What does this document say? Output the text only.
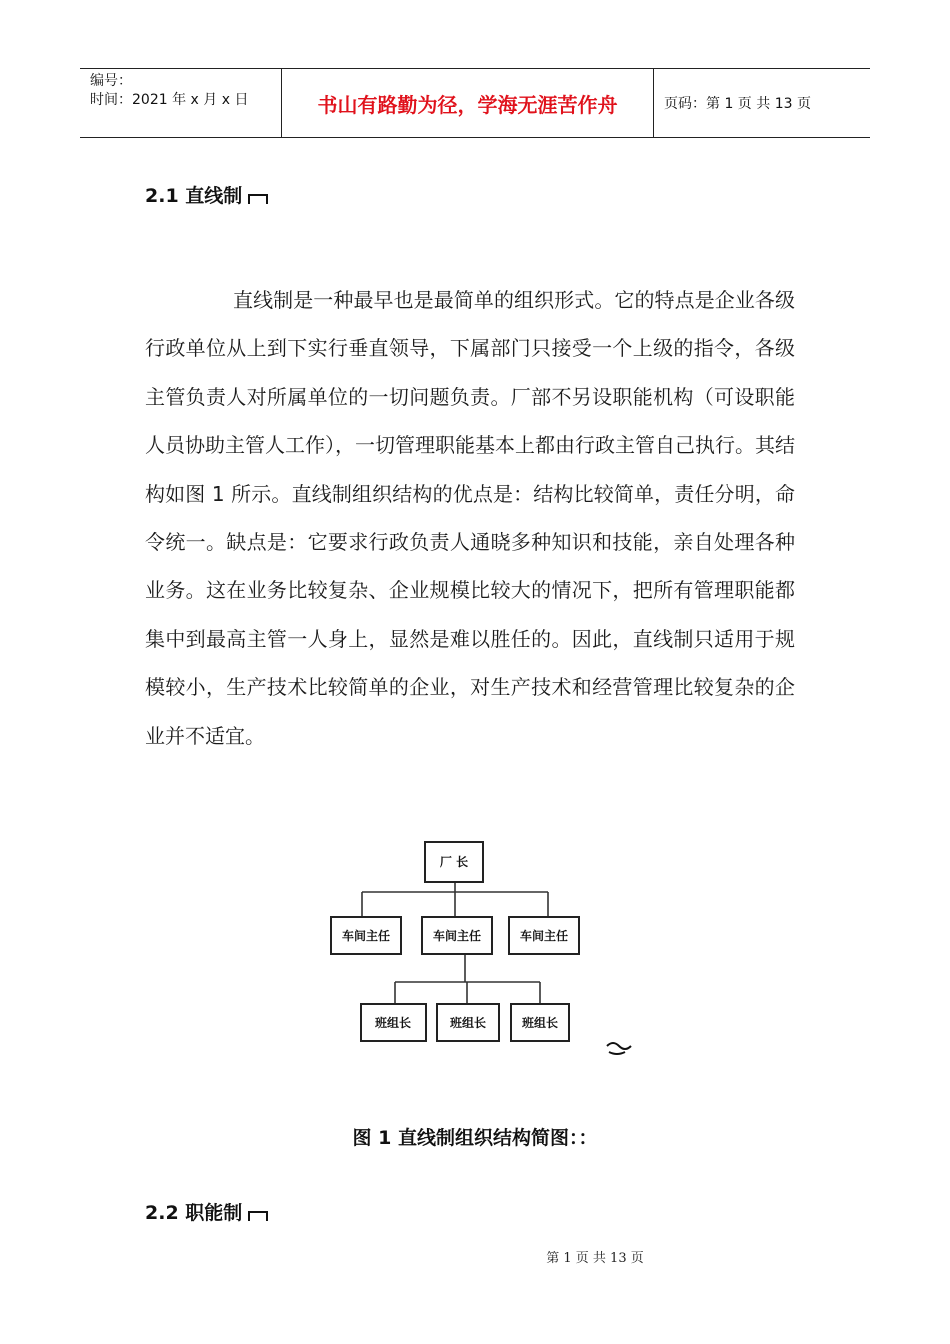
编号：
时间：2021 年 x 月 x 日	书山有路勤为径，学海无涯苦作舟	页码：第 1 页 共 13 页
2.1 直线制
直线制是一种最早也是最简单的组织形式。它的特点是企业各级行政单位从上到下实行垂直领导，下属部门只接受一个上级的指令，各级主管负责人对所属单位的一切问题负责。厂部不另设职能机构（可设职能人员协助主管人工作），一切管理职能基本上都由行政主管自己执行。其结构如图 1 所示。直线制组织结构的优点是：结构比较简单，责任分明，命令统一。缺点是：它要求行政负责人通晓多种知识和技能，亲自处理各种业务。这在业务比较复杂、企业规模比较大的情况下，把所有管理职能都集中到最高主管一人身上，显然是难以胜任的。因此，直线制只适用于规模较小，生产技术比较简单的企业，对生产技术和经营管理比较复杂的企业并不适宜。
厂 长
车间主任	车间主任	车间主任
班组长	班组长	班组长
图 1 直线制组织结构简图：：
2.2 职能制
第 1 页 共 13 页
